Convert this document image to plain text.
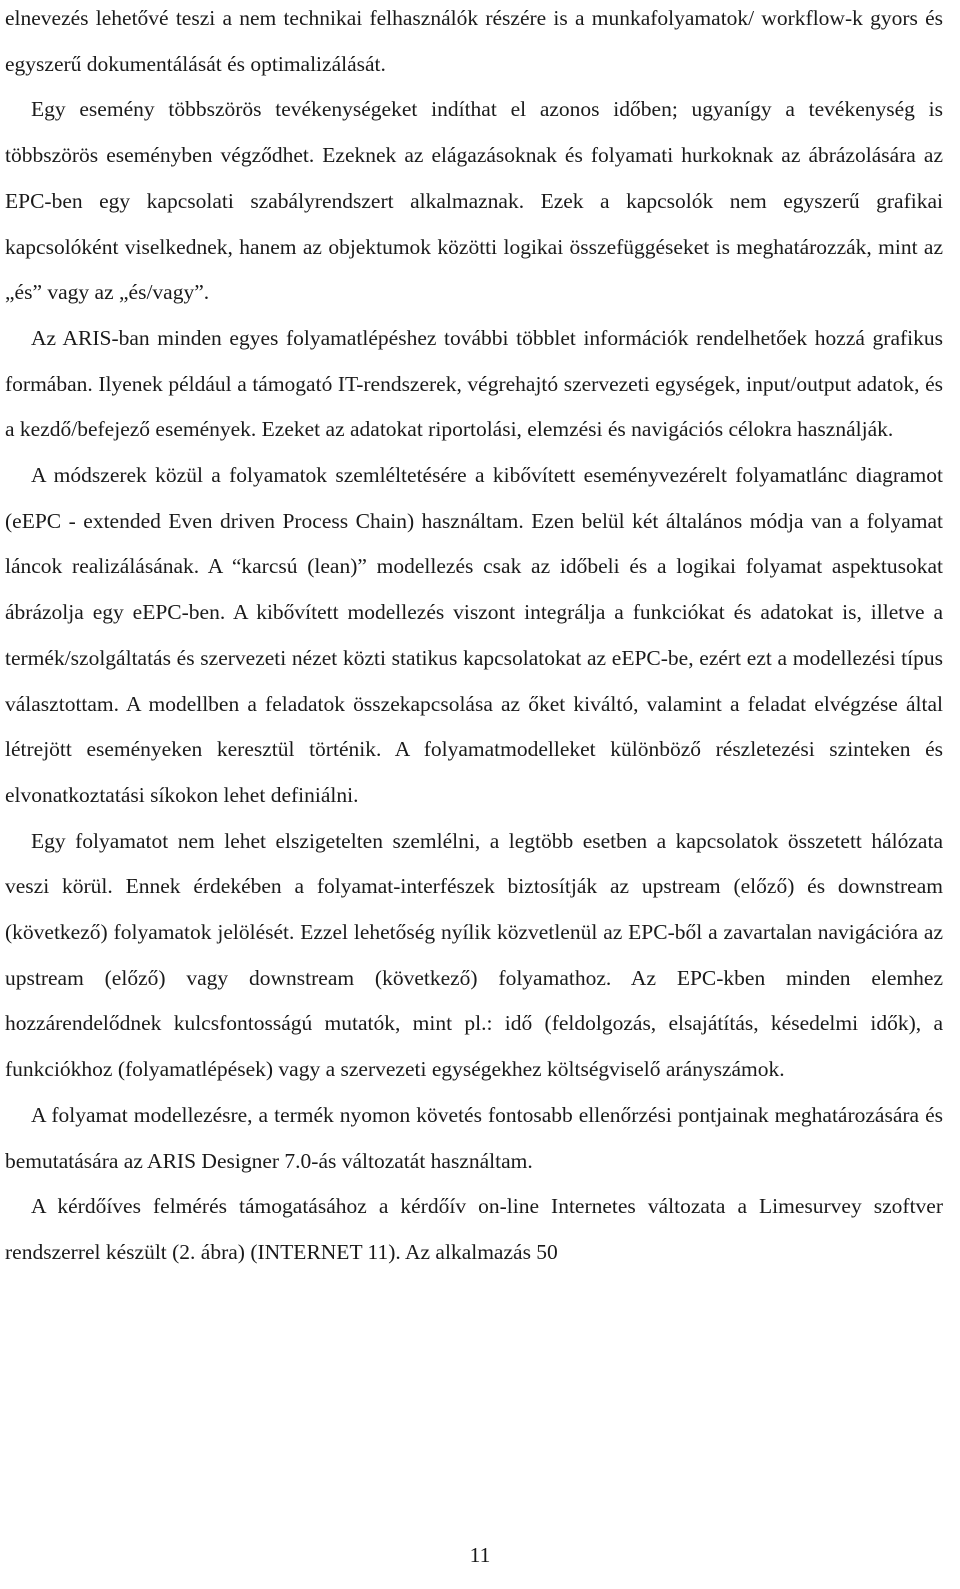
elnevezés lehetővé teszi a nem technikai felhasználók részére is a munkafolyamatok/ workflow-k gyors és egyszerű dokumentálását és optimalizálását.

Egy esemény többszörös tevékenységeket indíthat el azonos időben; ugyanígy a tevékenység is többszörös eseményben végződhet. Ezeknek az elágazásoknak és folyamati hurkoknak az ábrázolására az EPC-ben egy kapcsolati szabályrendszert alkalmaznak. Ezek a kapcsolók nem egyszerű grafikai kapcsolóként viselkednek, hanem az objektumok közötti logikai összefüggéseket is meghatározzák, mint az „és” vagy az „és/vagy”.

Az ARIS-ban minden egyes folyamatlépéshez további többlet információk rendelhetőek hozzá grafikus formában. Ilyenek például a támogató IT-rendszerek, végrehajtó szervezeti egységek, input/output adatok, és a kezdő/befejező események. Ezeket az adatokat riportolási, elemzési és navigációs célokra használják.

A módszerek közül a folyamatok szemléltetésére a kibővített eseményvezérelt folyamatlánc diagramot (eEPC - extended Even driven Process Chain) használtam. Ezen belül két általános módja van a folyamat láncok realizálásának. A “karcsú (lean)” modellezés csak az időbeli és a logikai folyamat aspektusokat ábrázolja egy eEPC-ben. A kibővített modellezés viszont integrálja a funkciókat és adatokat is, illetve a termék/szolgáltatás és szervezeti nézet közti statikus kapcsolatokat az eEPC-be, ezért ezt a modellezési típus választottam. A modellben a feladatok összekapcsolása az őket kiváltó, valamint a feladat elvégzése által létrejött eseményeken keresztül történik. A folyamatmodelleket különböző részletezési szinteken és elvonatkoztatási síkokon lehet definiálni.

Egy folyamatot nem lehet elszigetelten szemlélni, a legtöbb esetben a kapcsolatok összetett hálózata veszi körül. Ennek érdekében a folyamat-interfészek biztosítják az upstream (előző) és downstream (következő) folyamatok jelölését. Ezzel lehetőség nyílik közvetlenül az EPC-ből a zavartalan navigációra az upstream (előző) vagy downstream (következő) folyamathoz. Az EPC-kben minden elemhez hozzárendelődnek kulcsfontosságú mutatók, mint pl.: idő (feldolgozás, elsajátítás, késedelmi idők), a funkciókhoz (folyamatlépések) vagy a szervezeti egységekhez költségviselő arányszámok.

A folyamat modellezésre, a termék nyomon követés fontosabb ellenőrzési pontjainak meghatározására és bemutatására az ARIS Designer 7.0-ás változatát használtam.

A kérdőíves felmérés támogatásához a kérdőív on-line Internetes változata a Limesurvey szoftver rendszerrel készült (2. ábra) (INTERNET 11). Az alkalmazás 50

11
